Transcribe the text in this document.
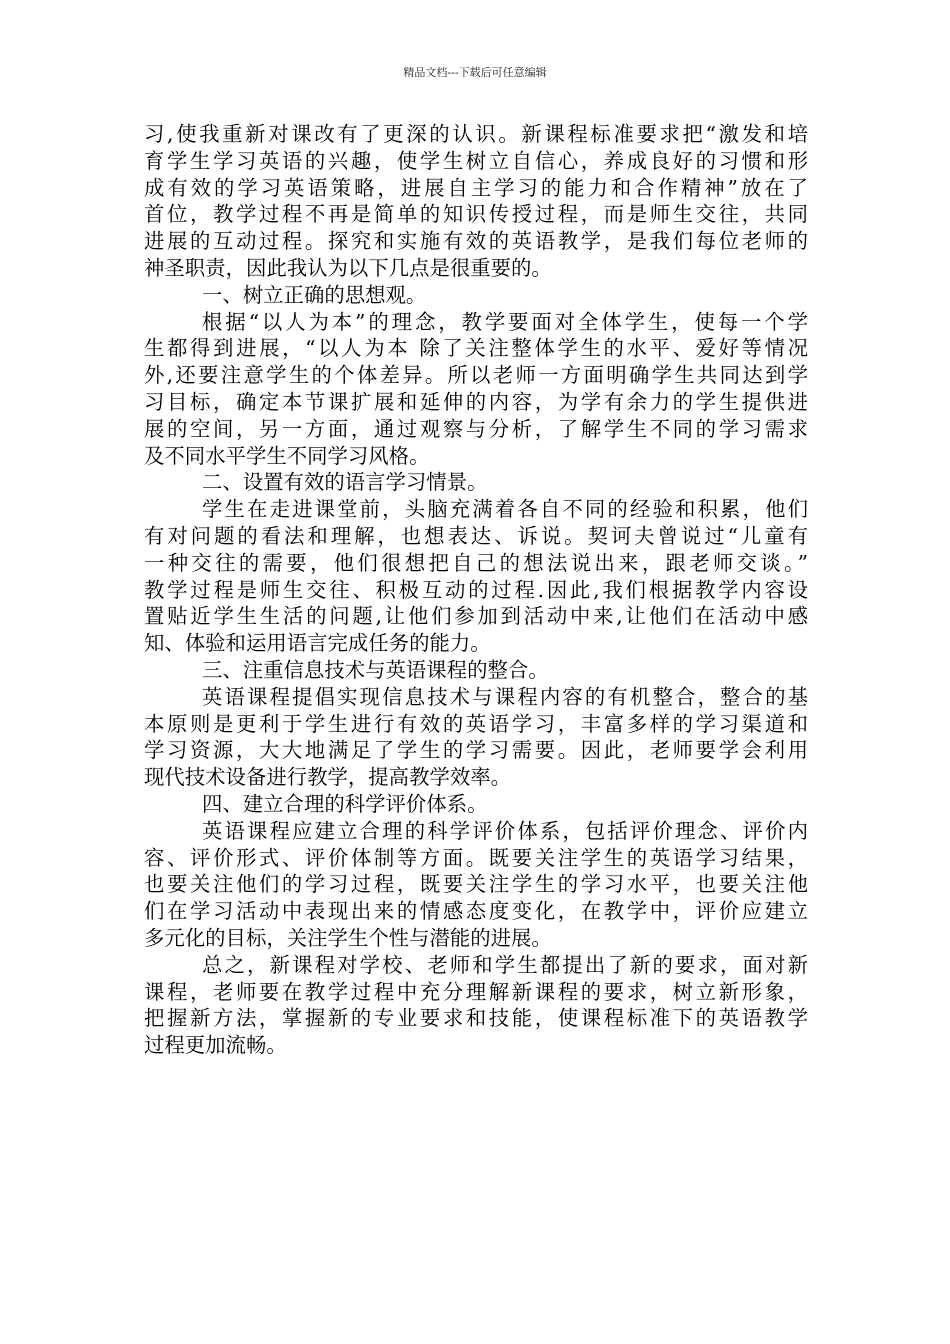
精品文档---下载后可任意编辑
习,使我重新对课改有了更深的认识。新课程标准要求把“激发和培
育学生学习英语的兴趣，使学生树立自信心，养成良好的习惯和形
成有效的学习英语策略，进展自主学习的能力和合作精神”放在了
首位，教学过程不再是简单的知识传授过程，而是师生交往，共同
进展的互动过程。探究和实施有效的英语教学，是我们每位老师的
神圣职责，因此我认为以下几点是很重要的。
一、树立正确的思想观。
根据“以人为本”的理念，教学要面对全体学生，使每一个学
生都得到进展，“以人为本 除了关注整体学生的水平、爱好等情况
外,还要注意学生的个体差异。所以老师一方面明确学生共同达到学
习目标，确定本节课扩展和延伸的内容，为学有余力的学生提供进
展的空间，另一方面，通过观察与分析，了解学生不同的学习需求
及不同水平学生不同学习风格。
二、设置有效的语言学习情景。
学生在走进课堂前，头脑充满着各自不同的经验和积累，他们
有对问题的看法和理解，也想表达、诉说。契诃夫曾说过“儿童有
一种交往的需要，他们很想把自己的想法说出来，跟老师交谈。”
教学过程是师生交往、积极互动的过程.因此,我们根据教学内容设
置贴近学生生活的问题,让他们参加到活动中来,让他们在活动中感
知、体验和运用语言完成任务的能力。
三、注重信息技术与英语课程的整合。
英语课程提倡实现信息技术与课程内容的有机整合，整合的基
本原则是更利于学生进行有效的英语学习，丰富多样的学习渠道和
学习资源，大大地满足了学生的学习需要。因此，老师要学会利用
现代技术设备进行教学，提高教学效率。
四、建立合理的科学评价体系。
英语课程应建立合理的科学评价体系，包括评价理念、评价内
容、评价形式、评价体制等方面。既要关注学生的英语学习结果，
也要关注他们的学习过程，既要关注学生的学习水平，也要关注他
们在学习活动中表现出来的情感态度变化，在教学中，评价应建立
多元化的目标，关注学生个性与潜能的进展。
总之，新课程对学校、老师和学生都提出了新的要求，面对新
课程，老师要在教学过程中充分理解新课程的要求，树立新形象，
把握新方法，掌握新的专业要求和技能，使课程标准下的英语教学
过程更加流畅。
